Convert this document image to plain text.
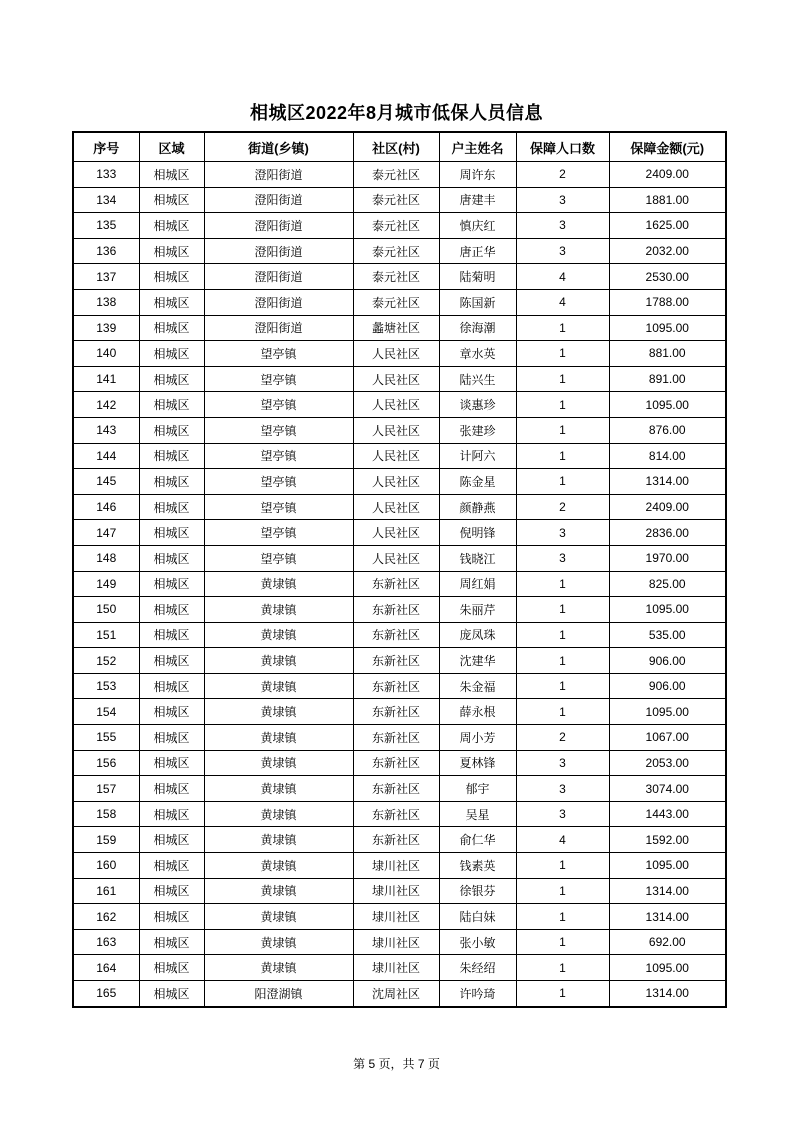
相城区2022年8月城市低保人员信息
序号	区域	街道(乡镇)	社区(村)	户主姓名	保障人口数	保障金额(元)
133	相城区	澄阳街道	泰元社区	周许东	2	2409.00
134	相城区	澄阳街道	泰元社区	唐建丰	3	1881.00
135	相城区	澄阳街道	泰元社区	慎庆红	3	1625.00
136	相城区	澄阳街道	泰元社区	唐正华	3	2032.00
137	相城区	澄阳街道	泰元社区	陆菊明	4	2530.00
138	相城区	澄阳街道	泰元社区	陈国新	4	1788.00
139	相城区	澄阳街道	蠡塘社区	徐海潮	1	1095.00
140	相城区	望亭镇	人民社区	章水英	1	881.00
141	相城区	望亭镇	人民社区	陆兴生	1	891.00
142	相城区	望亭镇	人民社区	谈惠珍	1	1095.00
143	相城区	望亭镇	人民社区	张建珍	1	876.00
144	相城区	望亭镇	人民社区	计阿六	1	814.00
145	相城区	望亭镇	人民社区	陈金星	1	1314.00
146	相城区	望亭镇	人民社区	颜静燕	2	2409.00
147	相城区	望亭镇	人民社区	倪明锋	3	2836.00
148	相城区	望亭镇	人民社区	钱晓江	3	1970.00
149	相城区	黄埭镇	东新社区	周红娟	1	825.00
150	相城区	黄埭镇	东新社区	朱丽芹	1	1095.00
151	相城区	黄埭镇	东新社区	庞凤珠	1	535.00
152	相城区	黄埭镇	东新社区	沈建华	1	906.00
153	相城区	黄埭镇	东新社区	朱金福	1	906.00
154	相城区	黄埭镇	东新社区	薛永根	1	1095.00
155	相城区	黄埭镇	东新社区	周小芳	2	1067.00
156	相城区	黄埭镇	东新社区	夏林锋	3	2053.00
157	相城区	黄埭镇	东新社区	郁宇	3	3074.00
158	相城区	黄埭镇	东新社区	吴星	3	1443.00
159	相城区	黄埭镇	东新社区	俞仁华	4	1592.00
160	相城区	黄埭镇	埭川社区	钱素英	1	1095.00
161	相城区	黄埭镇	埭川社区	徐银芬	1	1314.00
162	相城区	黄埭镇	埭川社区	陆白妹	1	1314.00
163	相城区	黄埭镇	埭川社区	张小敏	1	692.00
164	相城区	黄埭镇	埭川社区	朱经绍	1	1095.00
165	相城区	阳澄湖镇	沈周社区	许吟琦	1	1314.00
第 5 页，共 7 页
